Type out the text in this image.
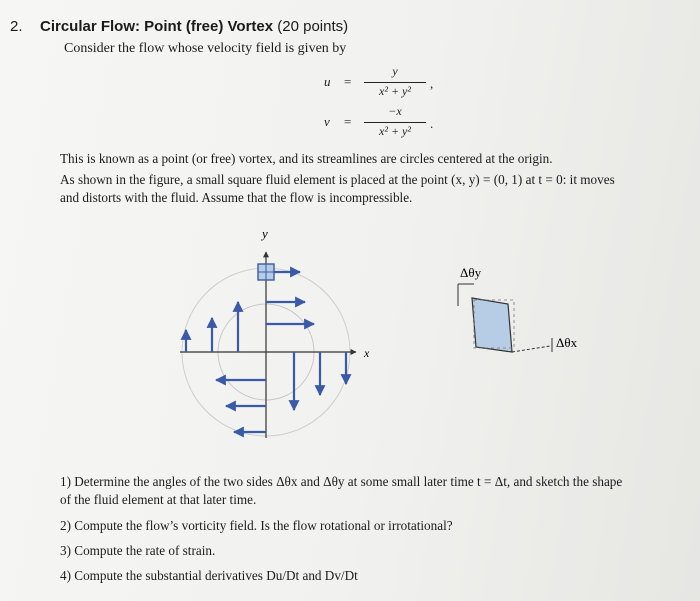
2. Circular Flow: Point (free) Vortex (20 points)
Consider the flow whose velocity field is given by
u =
y
x² + y²	,
v =
−x
x² + y²	.
This is known as a point (or free) vortex, and its streamlines are circles centered at the origin.
As shown in the figure, a small square fluid element is placed at the point (x, y) = (0, 1) at t = 0: it moves
and distorts with the fluid. Assume that the flow is incompressible.
y
x
Δθy
Δθx
1) Determine the angles of the two sides Δθx and Δθy at some small later time t = Δt, and sketch the shape
of the fluid element at that later time.
2) Compute the flow’s vorticity field. Is the flow rotational or irrotational?
3) Compute the rate of strain.
4) Compute the substantial derivatives Du/Dt and Dv/Dt
